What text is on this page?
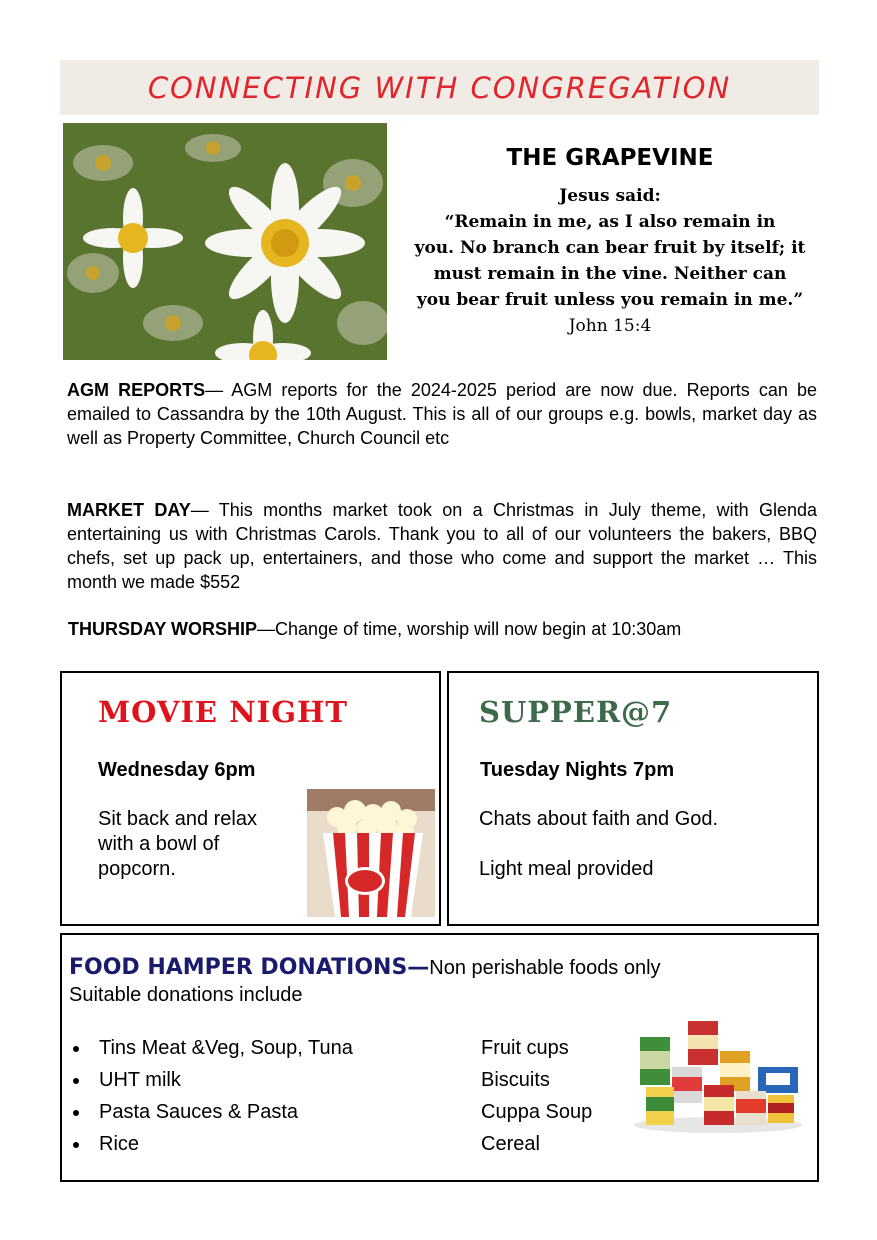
CONNECTING WITH CONGREGATION
THE GRAPEVINE
Jesus said:
“Remain in me, as I also remain in
you. No branch can bear fruit by itself; it
must remain in the vine. Neither can
you bear fruit unless you remain in me.”
John 15:4
AGM REPORTS— AGM reports for the 2024-2025 period are now due. Reports can be emailed to Cassandra by the 10th August. This is all of our groups e.g. bowls, market day as well as Property Committee, Church Council etc
MARKET DAY— This months market took on a Christmas in July theme, with Glenda entertaining us with Christmas Carols. Thank you to all of our volunteers the bakers, BBQ chefs, set up pack up, entertainers, and those who come and support the market … This month we made $552
THURSDAY WORSHIP—Change of time, worship will now begin at 10:30am
MOVIE NIGHT
Wednesday 6pm
Sit back and relax
with a bowl of
popcorn.
SUPPER@7
Tuesday Nights 7pm
Chats about faith and God.
Light meal provided
FOOD HAMPER DONATIONS—Non perishable foods only
Suitable donations include
Tins Meat &Veg, Soup, Tuna
UHT milk
Pasta Sauces & Pasta
Rice
Fruit cups
Biscuits
Cuppa Soup
Cereal
